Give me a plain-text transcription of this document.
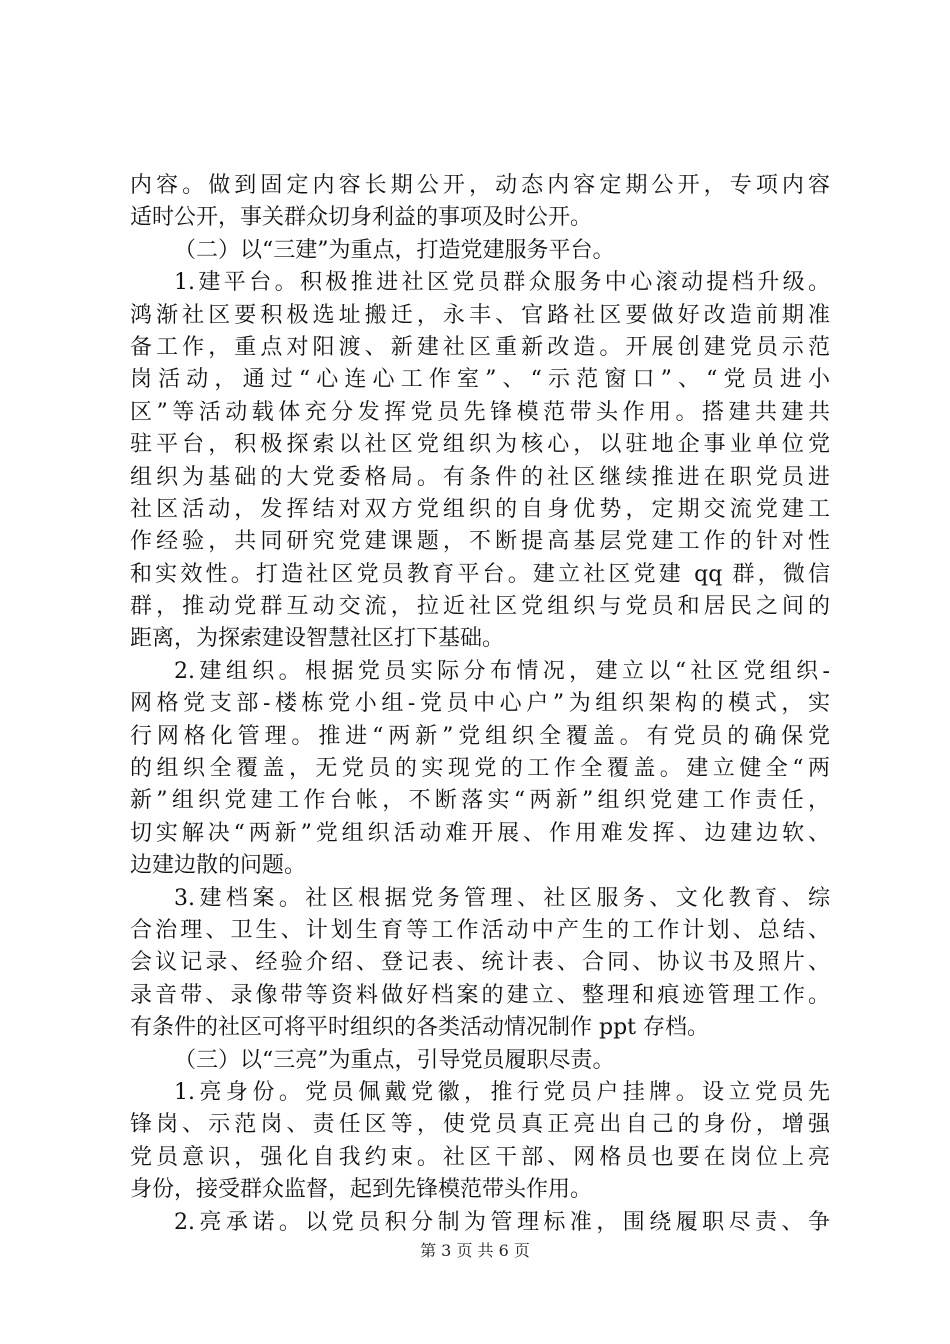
内容。做到固定内容长期公开，动态内容定期公开，专项内容
适时公开，事关群众切身利益的事项及时公开。
（二）以“三建”为重点，打造党建服务平台。
1.建平台。积极推进社区党员群众服务中心滚动提档升级。
鸿渐社区要积极选址搬迁，永丰、官路社区要做好改造前期准
备工作，重点对阳渡、新建社区重新改造。开展创建党员示范
岗活动，通过“心连心工作室”、“示范窗口”、“党员进小
区”等活动载体充分发挥党员先锋模范带头作用。搭建共建共
驻平台，积极探索以社区党组织为核心，以驻地企事业单位党
组织为基础的大党委格局。有条件的社区继续推进在职党员进
社区活动，发挥结对双方党组织的自身优势，定期交流党建工
作经验，共同研究党建课题，不断提高基层党建工作的针对性
和实效性。打造社区党员教育平台。建立社区党建 qq 群，微信
群，推动党群互动交流，拉近社区党组织与党员和居民之间的
距离，为探索建设智慧社区打下基础。
2.建组织。根据党员实际分布情况，建立以“社区党组织-
网格党支部-楼栋党小组-党员中心户”为组织架构的模式，实
行网格化管理。推进“两新”党组织全覆盖。有党员的确保党
的组织全覆盖，无党员的实现党的工作全覆盖。建立健全“两
新”组织党建工作台帐，不断落实“两新”组织党建工作责任，
切实解决“两新”党组织活动难开展、作用难发挥、边建边软、
边建边散的问题。
3.建档案。社区根据党务管理、社区服务、文化教育、综
合治理、卫生、计划生育等工作活动中产生的工作计划、总结、
会议记录、经验介绍、登记表、统计表、合同、协议书及照片、
录音带、录像带等资料做好档案的建立、整理和痕迹管理工作。
有条件的社区可将平时组织的各类活动情况制作 ppt 存档。
（三）以“三亮”为重点，引导党员履职尽责。
1.亮身份。党员佩戴党徽，推行党员户挂牌。设立党员先
锋岗、示范岗、责任区等，使党员真正亮出自己的身份，增强
党员意识，强化自我约束。社区干部、网格员也要在岗位上亮
身份，接受群众监督，起到先锋模范带头作用。
2.亮承诺。以党员积分制为管理标准，围绕履职尽责、争
第 3 页 共 6 页
